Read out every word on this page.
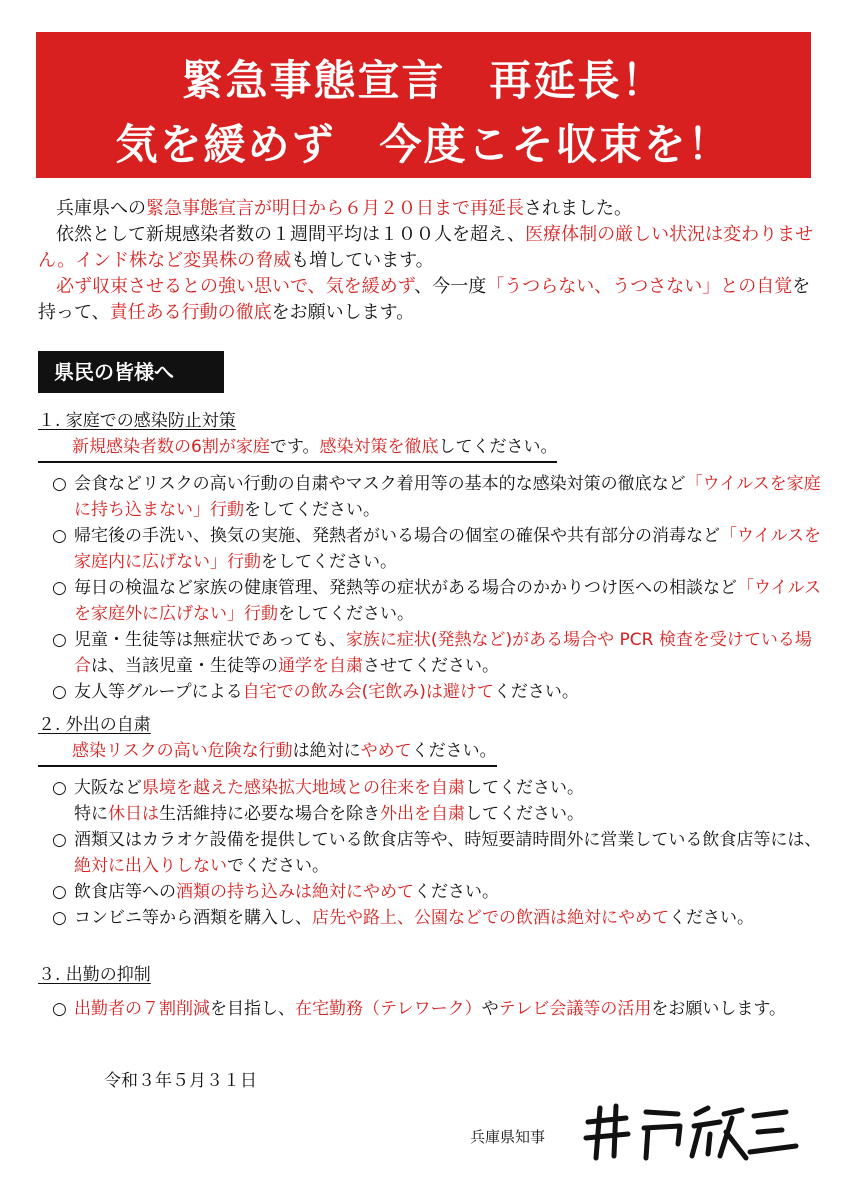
緊急事態宣言　再延長！
気を緩めず　今度こそ収束を！
　兵庫県への緊急事態宣言が明日から６月２０日まで再延長されました。
　依然として新規感染者数の１週間平均は１００人を超え、医療体制の厳しい状況は変わりません。インド株など変異株の脅威も増しています。
　必ず収束させるとの強い思いで、気を緩めず、今一度「うつらない、うつさない」との自覚を持って、責任ある行動の徹底をお願いします。
県民の皆様へ
１. 家庭での感染防止対策
新規感染者数の6割が家庭です。感染対策を徹底してください。
○ 会食などリスクの高い行動の自粛やマスク着用等の基本的な感染対策の徹底など「ウイルスを家庭に持ち込まない」行動をしてください。
○ 帰宅後の手洗い、換気の実施、発熱者がいる場合の個室の確保や共有部分の消毒など「ウイルスを家庭内に広げない」行動をしてください。
○ 毎日の検温など家族の健康管理、発熱等の症状がある場合のかかりつけ医への相談など「ウイルスを家庭外に広げない」行動をしてください。
○ 児童・生徒等は無症状であっても、家族に症状(発熱など)がある場合や PCR 検査を受けている場合は、当該児童・生徒等の通学を自粛させてください。
○ 友人等グループによる自宅での飲み会(宅飲み)は避けてください。
２. 外出の自粛
感染リスクの高い危険な行動は絶対にやめてください。
○ 大阪など県境を越えた感染拡大地域との往来を自粛してください。
特に休日は生活維持に必要な場合を除き外出を自粛してください。
○ 酒類又はカラオケ設備を提供している飲食店等や、時短要請時間外に営業している飲食店等には、絶対に出入りしないでください。
○ 飲食店等への酒類の持ち込みは絶対にやめてください。
○ コンビニ等から酒類を購入し、店先や路上、公園などでの飲酒は絶対にやめてください。
３. 出勤の抑制
○ 出勤者の７割削減を目指し、在宅勤務（テレワーク）やテレビ会議等の活用をお願いします。
令和３年５月３１日
兵庫県知事
